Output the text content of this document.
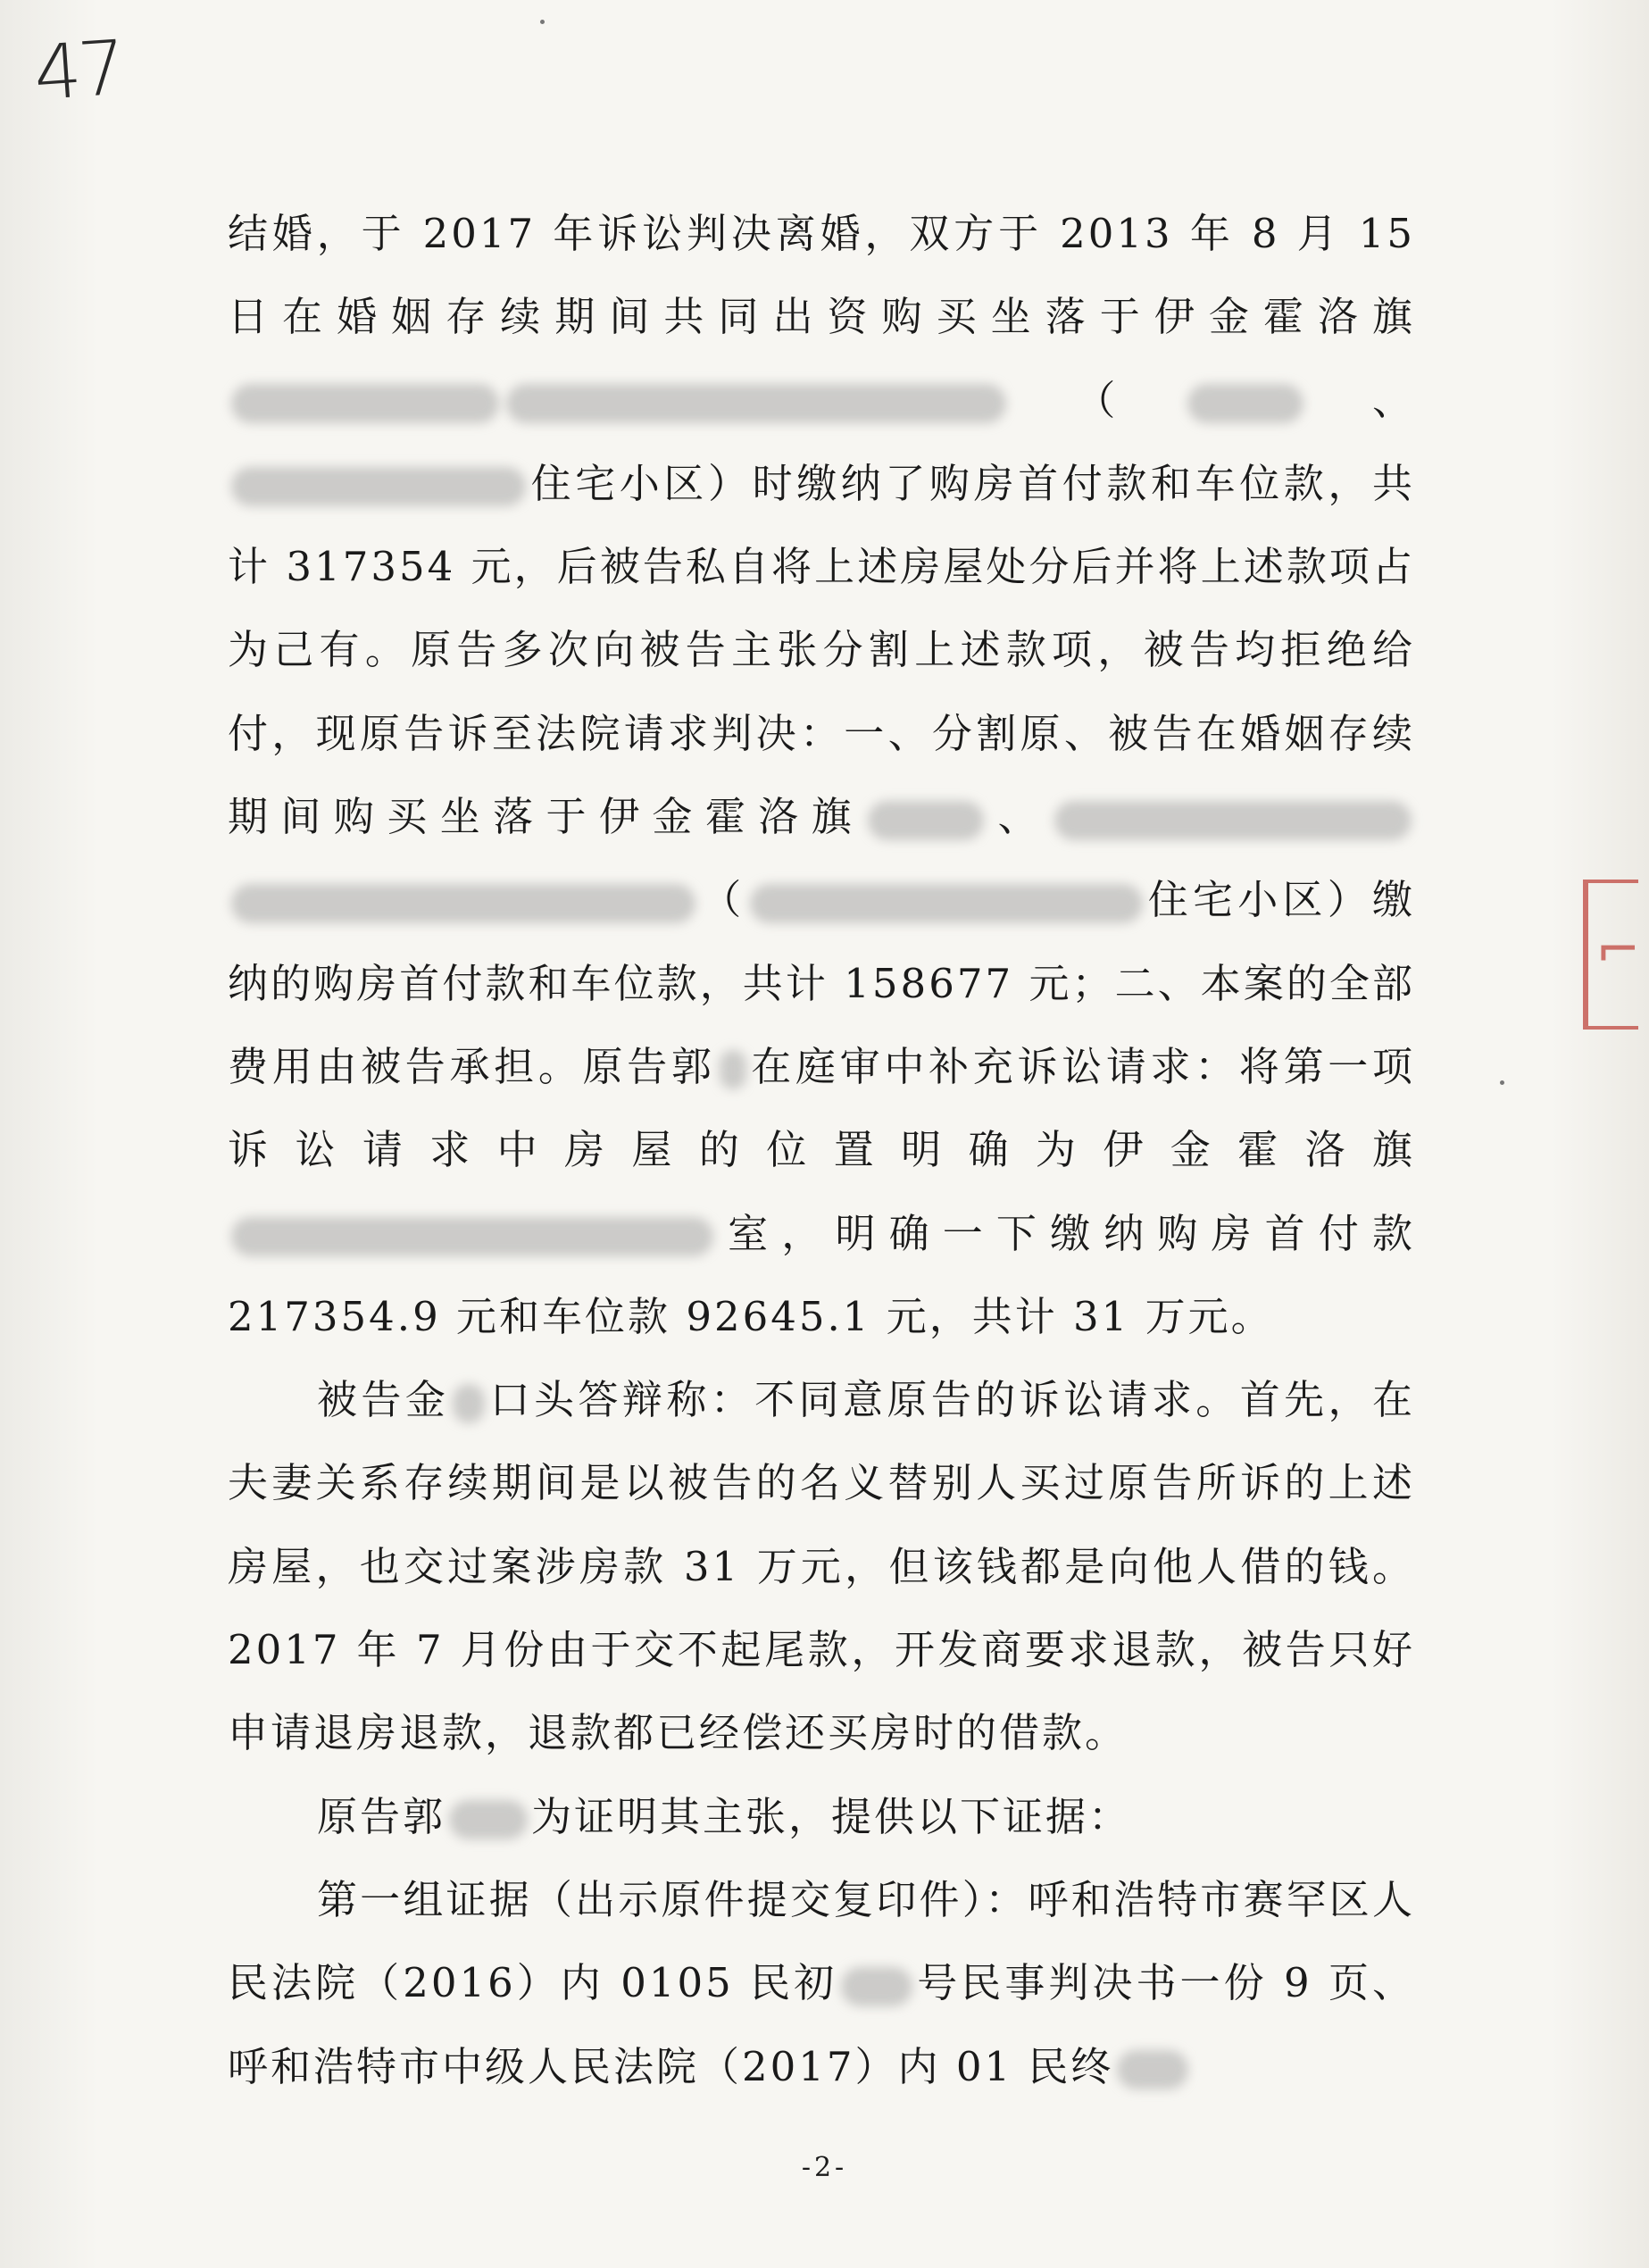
47

结婚，于 2017 年诉讼判决离婚，双方于 2013 年 8 月 15 日在婚姻存续期间共同出资购买坐落于伊金霍洛旗（	、住宅小区）时缴纳了购房首付款和车位款，共计 317354 元，后被告私自将上述房屋处分后并将上述款项占为己有。原告多次向被告主张分割上述款项，被告均拒绝给付，现原告诉至法院请求判决：一、分割原、被告在婚姻存续期间购买坐落于伊金霍洛旗	、（	住宅小区）缴纳的购房首付款和车位款，共计 158677 元；二、本案的全部费用由被告承担。原告郭 在庭审中补充诉讼请求：将第一项诉讼请求中房屋的位置明确为伊金霍洛旗室，明确一下缴纳购房首付款 217354.9 元和车位款 92645.1 元，共计 31 万元。

被告金 口头答辩称：不同意原告的诉讼请求。首先，在夫妻关系存续期间是以被告的名义替别人买过原告所诉的上述房屋，也交过案涉房款 31 万元，但该钱都是向他人借的钱。2017 年 7 月份由于交不起尾款，开发商要求退款，被告只好申请退房退款，退款都已经偿还买房时的借款。

原告郭 为证明其主张，提供以下证据：

第一组证据（出示原件提交复印件）：呼和浩特市赛罕区人民法院（2016）内 0105 民初 号民事判决书一份 9 页、呼和浩特市中级人民法院（2017）内 01 民终

⌐
-2-
